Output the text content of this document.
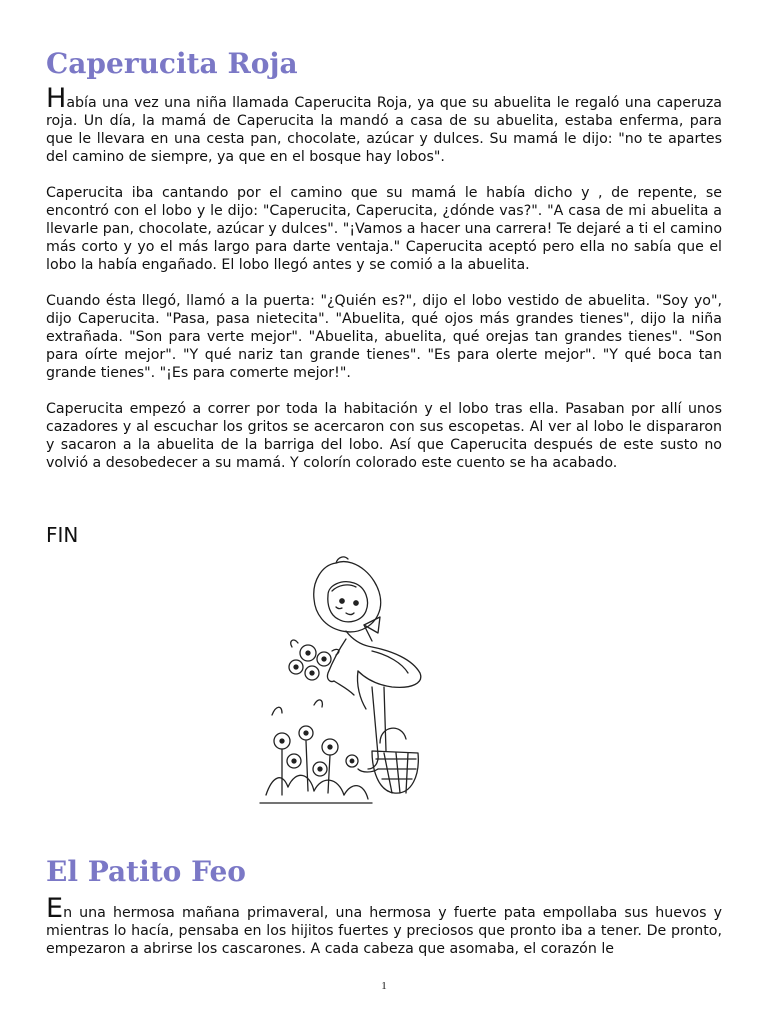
Caperucita Roja

Había una vez una niña llamada Caperucita Roja, ya que su abuelita le regaló una caperuza roja. Un día, la mamá de Caperucita la mandó a casa de su abuelita, estaba enferma, para que le llevara en una cesta pan, chocolate, azúcar y dulces. Su mamá le dijo: "no te apartes del camino de siempre, ya que en el bosque hay lobos".

Caperucita iba cantando por el camino que su mamá le había dicho y , de repente, se encontró con el lobo y le dijo: "Caperucita, Caperucita, ¿dónde vas?". "A casa de mi abuelita a llevarle pan, chocolate, azúcar y dulces". "¡Vamos a hacer una carrera! Te dejaré a ti el camino más corto y yo el más largo para darte ventaja." Caperucita aceptó pero ella no sabía que el lobo la había engañado. El lobo llegó antes y se comió a la abuelita.

Cuando ésta llegó, llamó a la puerta: "¿Quién es?", dijo el lobo vestido de abuelita. "Soy yo", dijo Caperucita. "Pasa, pasa nietecita". "Abuelita, qué ojos más grandes tienes", dijo la niña extrañada. "Son para verte mejor". "Abuelita, abuelita, qué orejas tan grandes tienes". "Son para oírte mejor". "Y qué nariz tan grande tienes". "Es para olerte mejor". "Y qué boca tan grande tienes". "¡Es para comerte mejor!".

Caperucita empezó a correr por toda la habitación y el lobo tras ella. Pasaban por allí unos cazadores y al escuchar los gritos se acercaron con sus escopetas. Al ver al lobo le dispararon y sacaron a la abuelita de la barriga del lobo. Así que Caperucita después de este susto no volvió a desobedecer a su mamá. Y colorín colorado este cuento se ha acabado.

FIN
El Patito Feo

En una hermosa mañana primaveral, una hermosa y fuerte pata empollaba sus huevos y mientras lo hacía, pensaba en los hijitos fuertes y preciosos que pronto iba a tener. De pronto, empezaron a abrirse los cascarones. A cada cabeza que asomaba, el corazón le

1
